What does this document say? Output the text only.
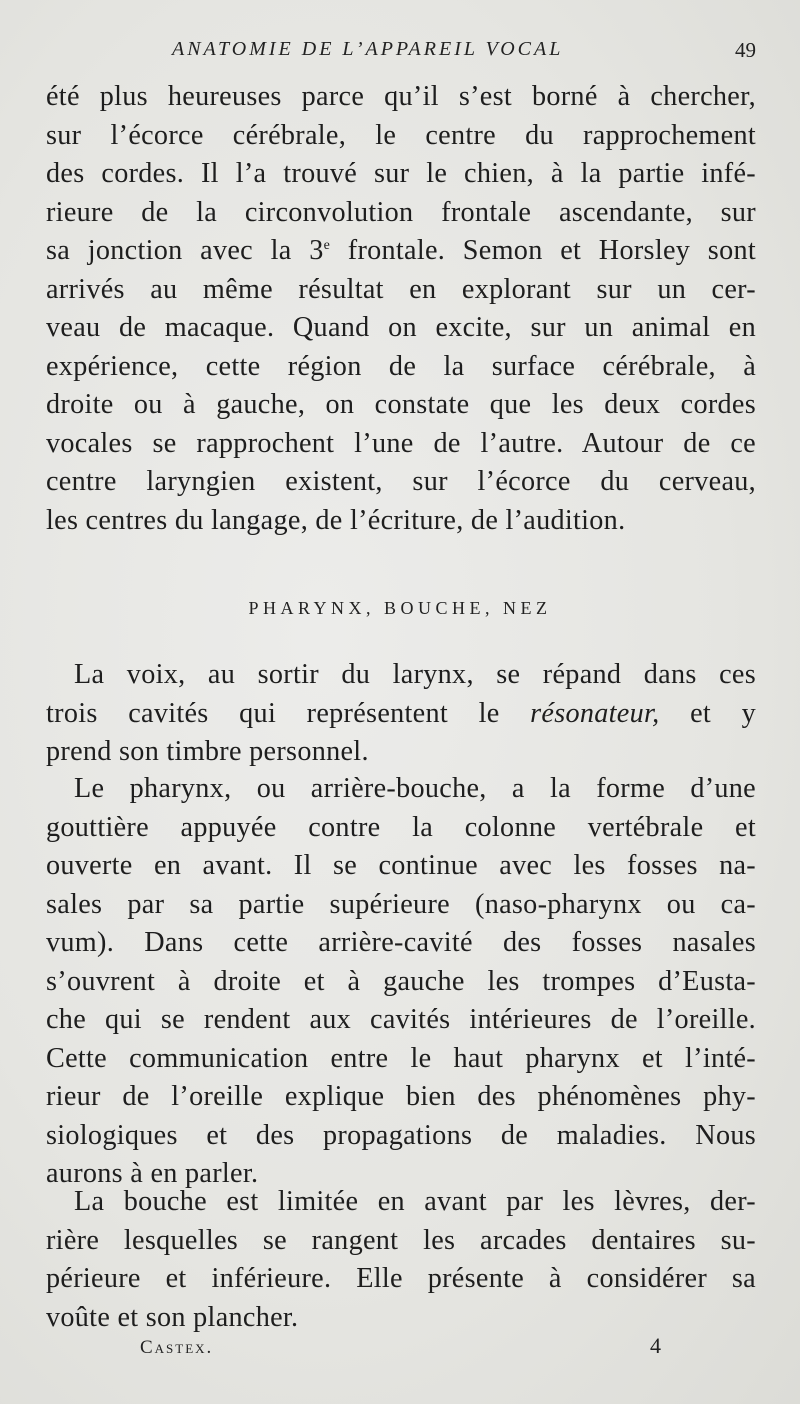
ANATOMIE DE L’APPAREIL VOCAL	49
été plus heureuses parce qu’il s’est borné à chercher,
sur l’écorce cérébrale, le centre du rapprochement
des cordes. Il l’a trouvé sur le chien, à la partie infé-
rieure de la circonvolution frontale ascendante, sur
sa jonction avec la 3e frontale. Semon et Horsley sont
arrivés au même résultat en explorant sur un cer-
veau de macaque. Quand on excite, sur un animal en
expérience, cette région de la surface cérébrale, à
droite ou à gauche, on constate que les deux cordes
vocales se rapprochent l’une de l’autre. Autour de ce
centre laryngien existent, sur l’écorce du cerveau,
les centres du langage, de l’écriture, de l’audition.
PHARYNX, BOUCHE, NEZ
La voix, au sortir du larynx, se répand dans ces
trois cavités qui représentent le résonateur, et y
prend son timbre personnel.
Le pharynx, ou arrière-bouche, a la forme d’une
gouttière appuyée contre la colonne vertébrale et
ouverte en avant. Il se continue avec les fosses na-
sales par sa partie supérieure (naso-pharynx ou ca-
vum). Dans cette arrière-cavité des fosses nasales
s’ouvrent à droite et à gauche les trompes d’Eusta-
che qui se rendent aux cavités intérieures de l’oreille.
Cette communication entre le haut pharynx et l’inté-
rieur de l’oreille explique bien des phénomènes phy-
siologiques et des propagations de maladies. Nous
aurons à en parler.
La bouche est limitée en avant par les lèvres, der-
rière lesquelles se rangent les arcades dentaires su-
périeure et inférieure. Elle présente à considérer sa
voûte et son plancher.
Castex.	4
